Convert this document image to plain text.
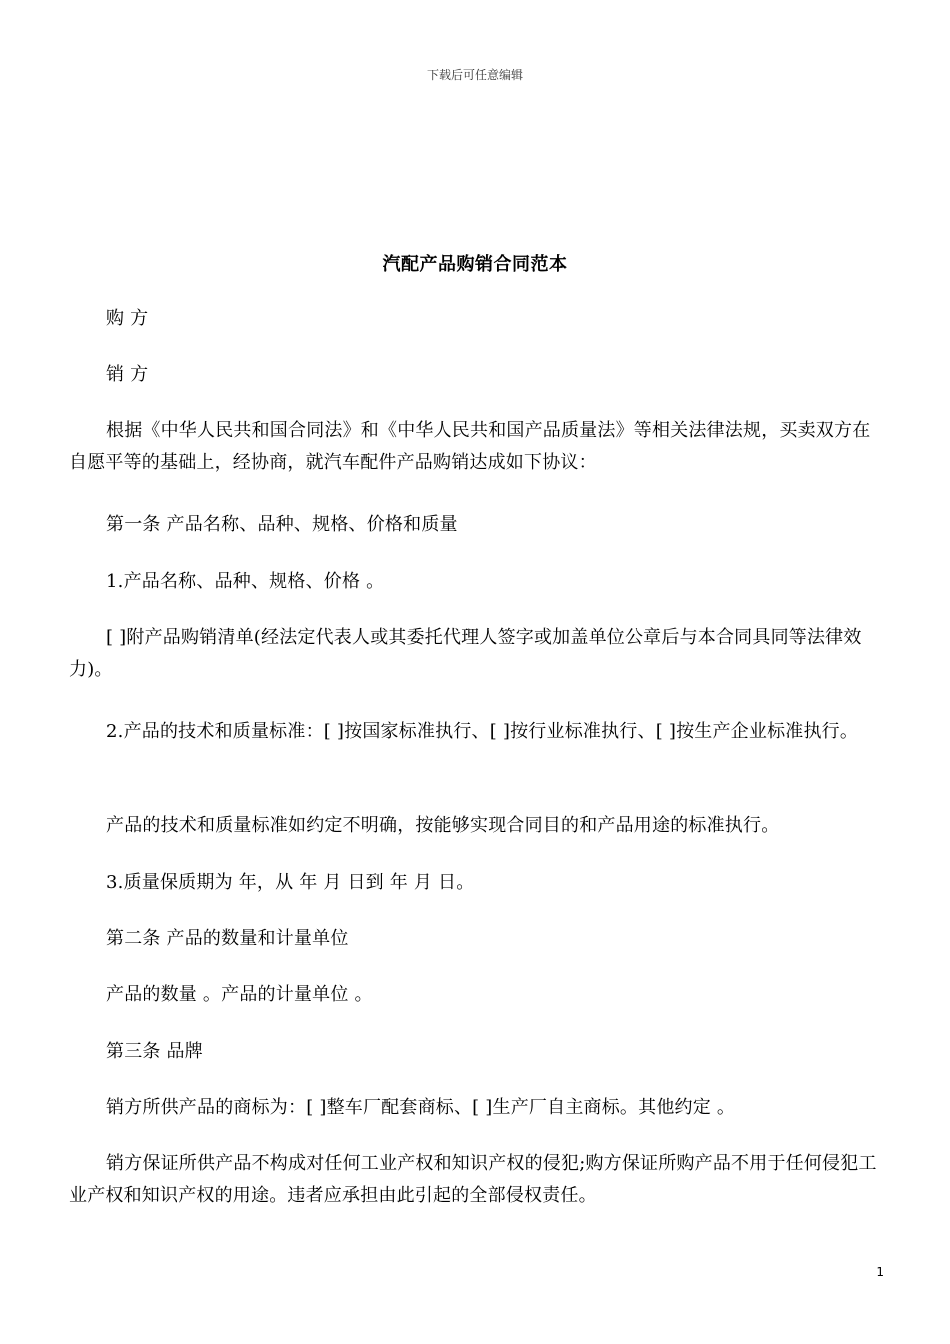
下载后可任意编辑
汽配产品购销合同范本
购 方
销 方
根据《中华人民共和国合同法》和《中华人民共和国产品质量法》等相关法律法规，买卖双方在自愿平等的基础上，经协商，就汽车配件产品购销达成如下协议：
第一条 产品名称、品种、规格、价格和质量
1.产品名称、品种、规格、价格 。
[ ]附产品购销清单(经法定代表人或其委托代理人签字或加盖单位公章后与本合同具同等法律效力)。
2.产品的技术和质量标准：[ ]按国家标准执行、[ ]按行业标准执行、[ ]按生产企业标准执行。
产品的技术和质量标准如约定不明确，按能够实现合同目的和产品用途的标准执行。
3.质量保质期为 年，从 年 月 日到 年 月 日。
第二条 产品的数量和计量单位
产品的数量 。产品的计量单位 。
第三条 品牌
销方所供产品的商标为：[ ]整车厂配套商标、[ ]生产厂自主商标。其他约定 。
销方保证所供产品不构成对任何工业产权和知识产权的侵犯;购方保证所购产品不用于任何侵犯工业产权和知识产权的用途。违者应承担由此引起的全部侵权责任。
1
